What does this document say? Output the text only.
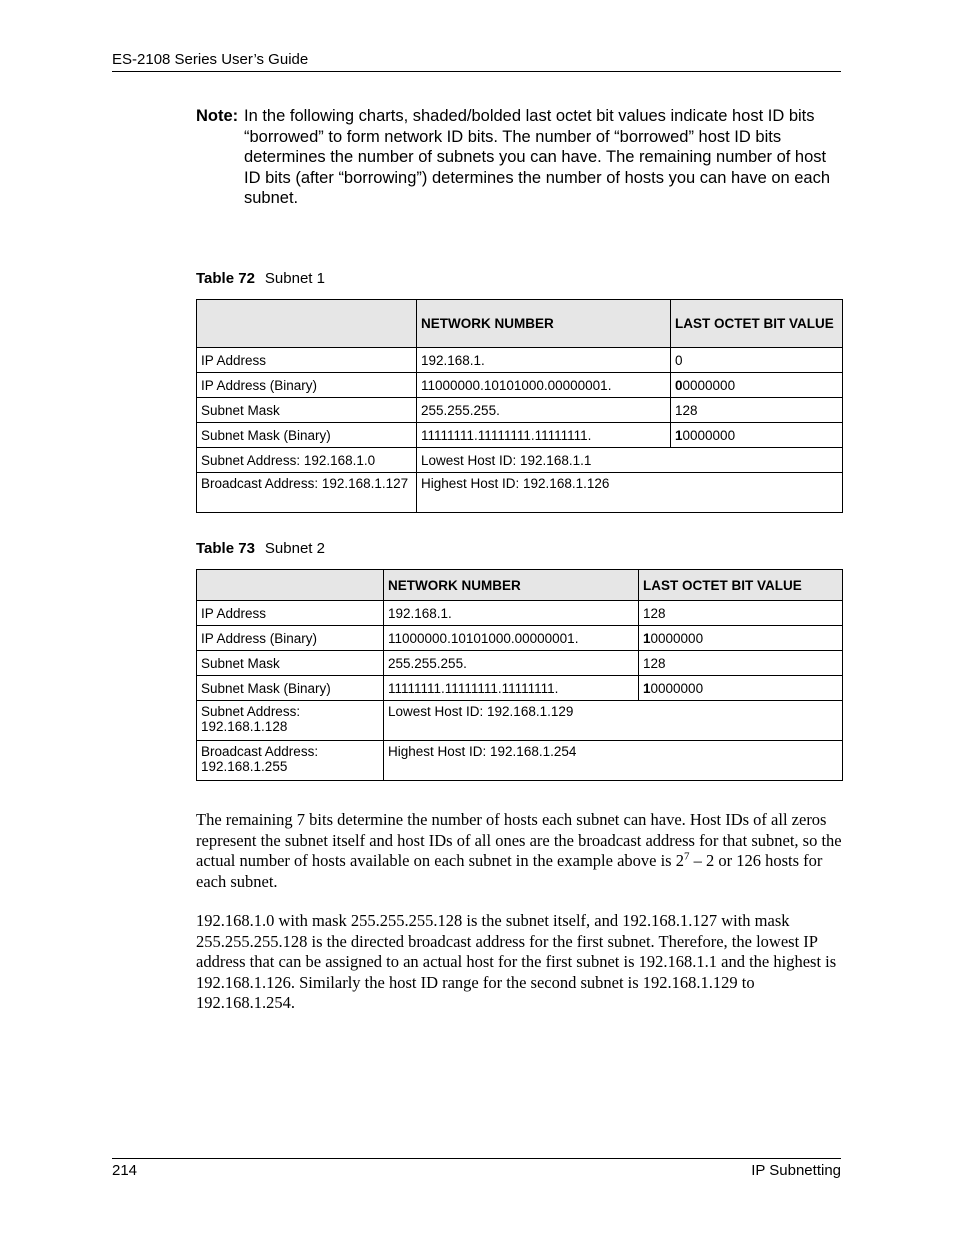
ES-2108 Series User’s Guide
Note: In the following charts, shaded/bolded last octet bit values indicate host ID bits “borrowed” to form network ID bits. The number of “borrowed” host ID bits determines the number of subnets you can have. The remaining number of host ID bits (after “borrowing”) determines the number of hosts you can have on each subnet.
Table 72 Subnet 1
	NETWORK NUMBER	LAST OCTET BIT VALUE
IP Address	192.168.1.	0
IP Address (Binary)	11000000.10101000.00000001.	00000000
Subnet Mask	255.255.255.	128
Subnet Mask (Binary)	11111111.11111111.11111111.	10000000
Subnet Address: 192.168.1.0	Lowest Host ID: 192.168.1.1	
Broadcast Address: 192.168.1.127	Highest Host ID: 192.168.1.126	
Table 73 Subnet 2
	NETWORK NUMBER	LAST OCTET BIT VALUE
IP Address	192.168.1.	128
IP Address (Binary)	11000000.10101000.00000001.	10000000
Subnet Mask	255.255.255.	128
Subnet Mask (Binary)	11111111.11111111.11111111.	10000000
Subnet Address: 192.168.1.128	Lowest Host ID: 192.168.1.129	
Broadcast Address: 192.168.1.255	Highest Host ID: 192.168.1.254	
The remaining 7 bits determine the number of hosts each subnet can have. Host IDs of all zeros represent the subnet itself and host IDs of all ones are the broadcast address for that subnet, so the actual number of hosts available on each subnet in the example above is $2^7 - 2$ or 126 hosts for each subnet.
192.168.1.0 with mask 255.255.255.128 is the subnet itself, and 192.168.1.127 with mask 255.255.255.128 is the directed broadcast address for the first subnet. Therefore, the lowest IP address that can be assigned to an actual host for the first subnet is 192.168.1.1 and the highest is 192.168.1.126. Similarly the host ID range for the second subnet is 192.168.1.129 to 192.168.1.254.
214	IP Subnetting
